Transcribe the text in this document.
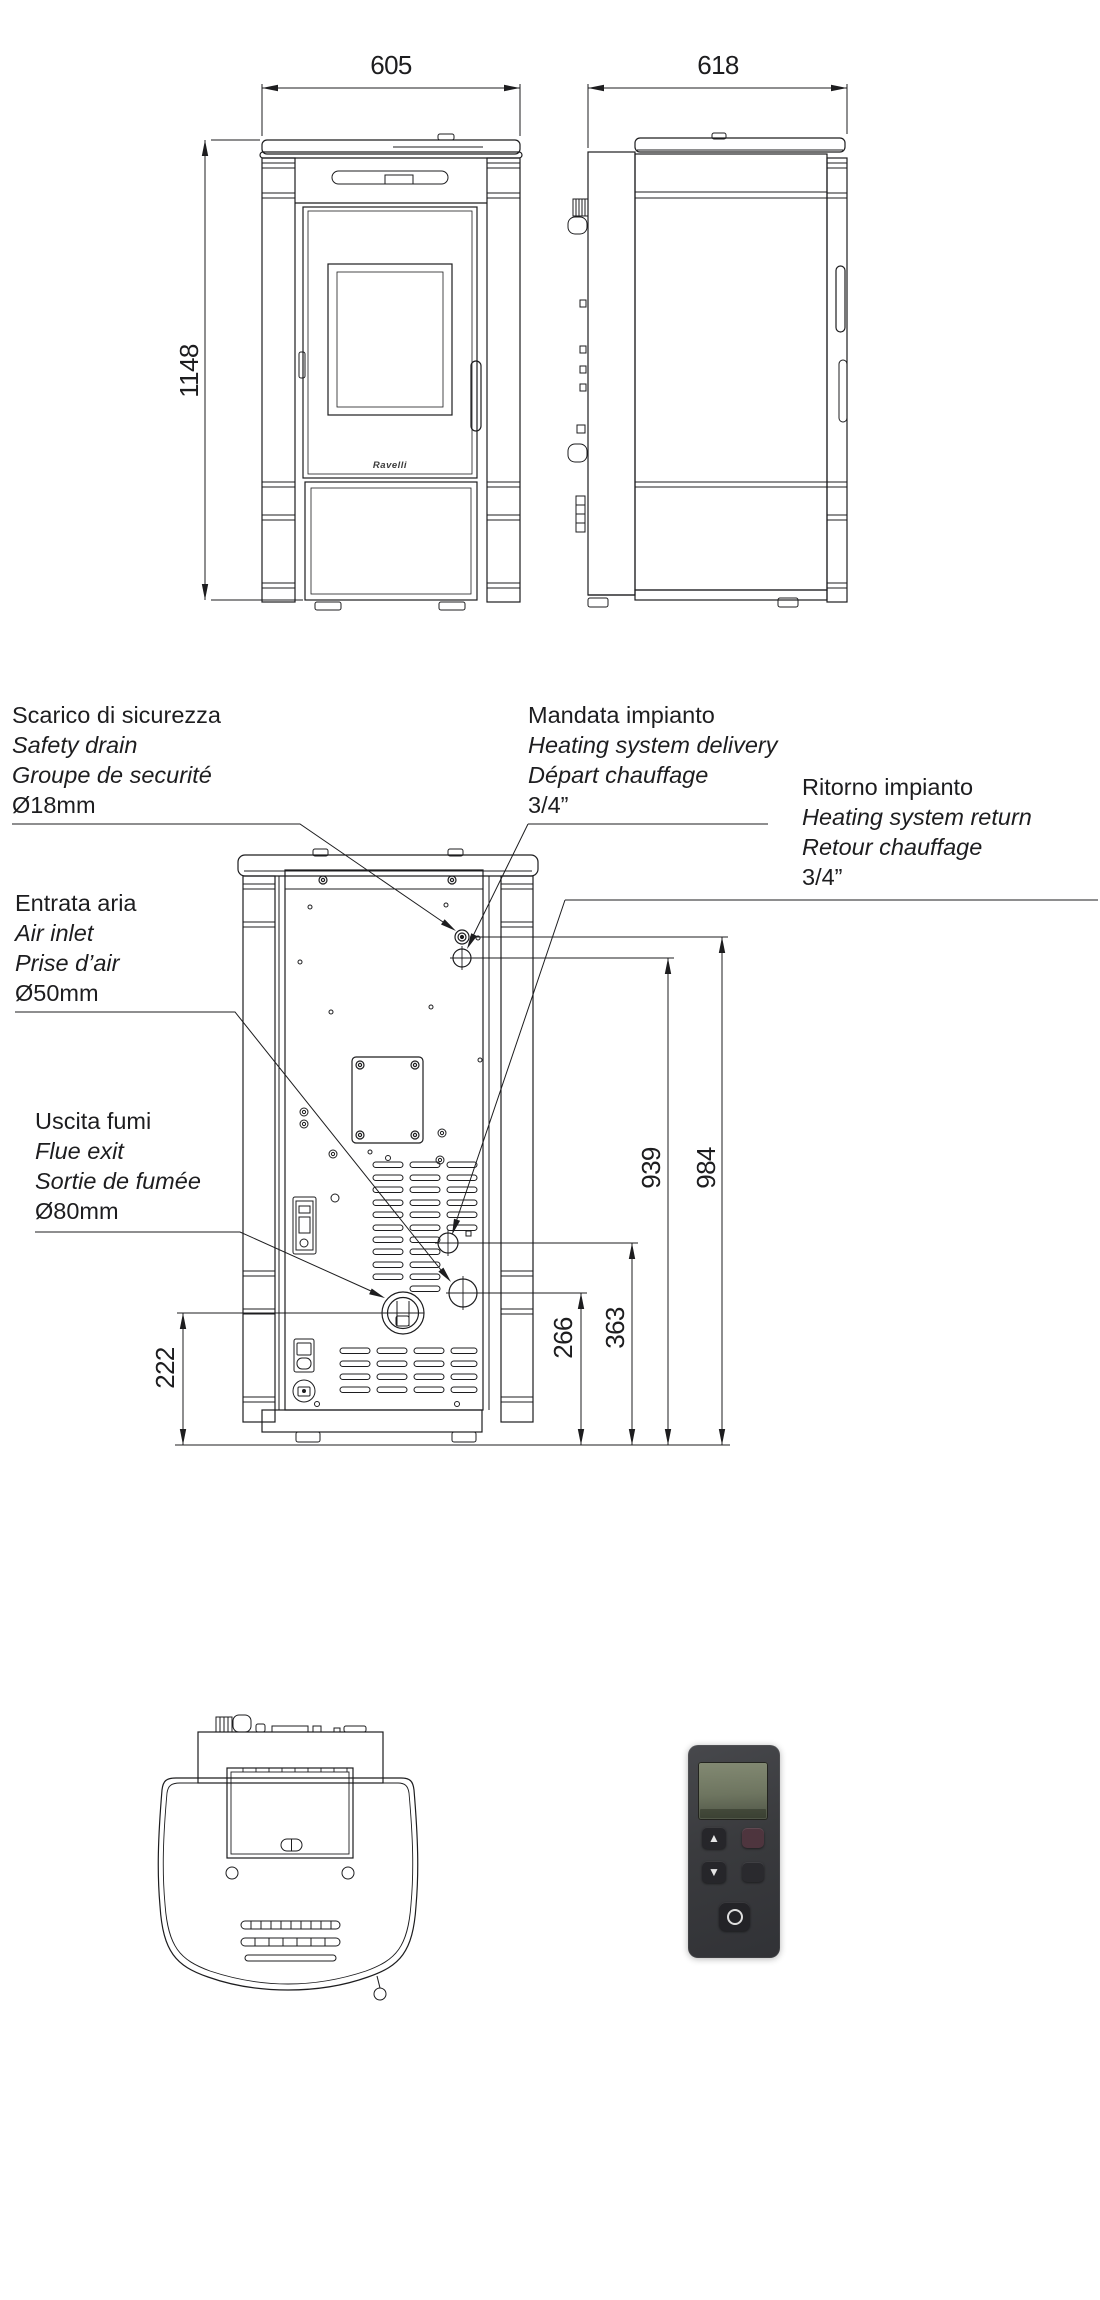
605	618
1148
222
266 363
939 984
Scarico di sicurezza
Safety drain
Groupe de securité
Ø18mm
Mandata impianto
Heating system delivery
Départ chauffage
3/4”
Ritorno impianto
Heating system return
Retour chauffage
3/4”
Entrata aria
Air inlet
Prise d’air
Ø50mm
Uscita fumi
Flue exit
Sortie de fumée
Ø80mm
Ravelli
▲
▼
